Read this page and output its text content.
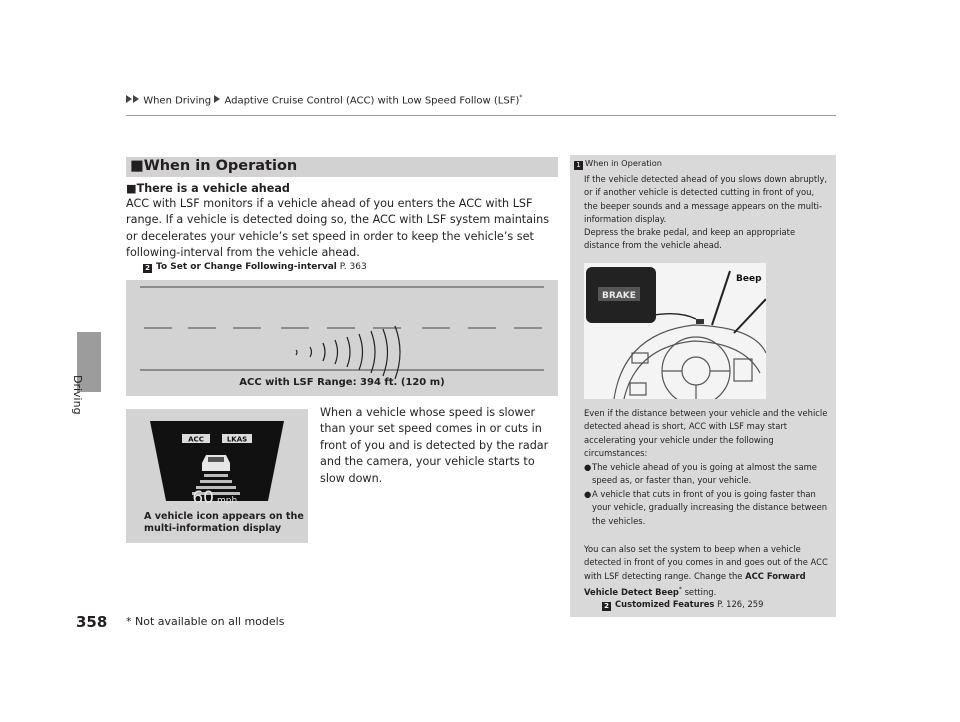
When Driving Adaptive Cruise Control (ACC) with Low Speed Follow (LSF)*
Driving
■When in Operation
■There is a vehicle ahead

ACC with LSF monitors if a vehicle ahead of you enters the ACC with LSF range. If a vehicle is detected doing so, the ACC with LSF system maintains or decelerates your vehicle’s set speed in order to keep the vehicle’s set following-interval from the vehicle ahead.

2 To Set or Change Following-interval P. 363
ACC with LSF Range: 394 ft. (120 m)
ACC	LKAS
60 mph
A vehicle icon appears on the multi-information display

When a vehicle whose speed is slower than your set speed comes in or cuts in front of you and is detected by the radar and the camera, your vehicle starts to slow down.

1 When in Operation

If the vehicle detected ahead of you slows down abruptly, or if another vehicle is detected cutting in front of you, the beeper sounds and a message appears on the multi-information display.

Depress the brake pedal, and keep an appropriate distance from the vehicle ahead.

Beep
BRAKE

Even if the distance between your vehicle and the vehicle detected ahead is short, ACC with LSF may start accelerating your vehicle under the following circumstances:

● The vehicle ahead of you is going at almost the same speed as, or faster than, your vehicle.
● A vehicle that cuts in front of you is going faster than your vehicle, gradually increasing the distance between the vehicles.

You can also set the system to beep when a vehicle detected in front of you comes in and goes out of the ACC with LSF detecting range. Change the ACC Forward Vehicle Detect Beep* setting.

2 Customized Features P. 126, 259
358 * Not available on all models
